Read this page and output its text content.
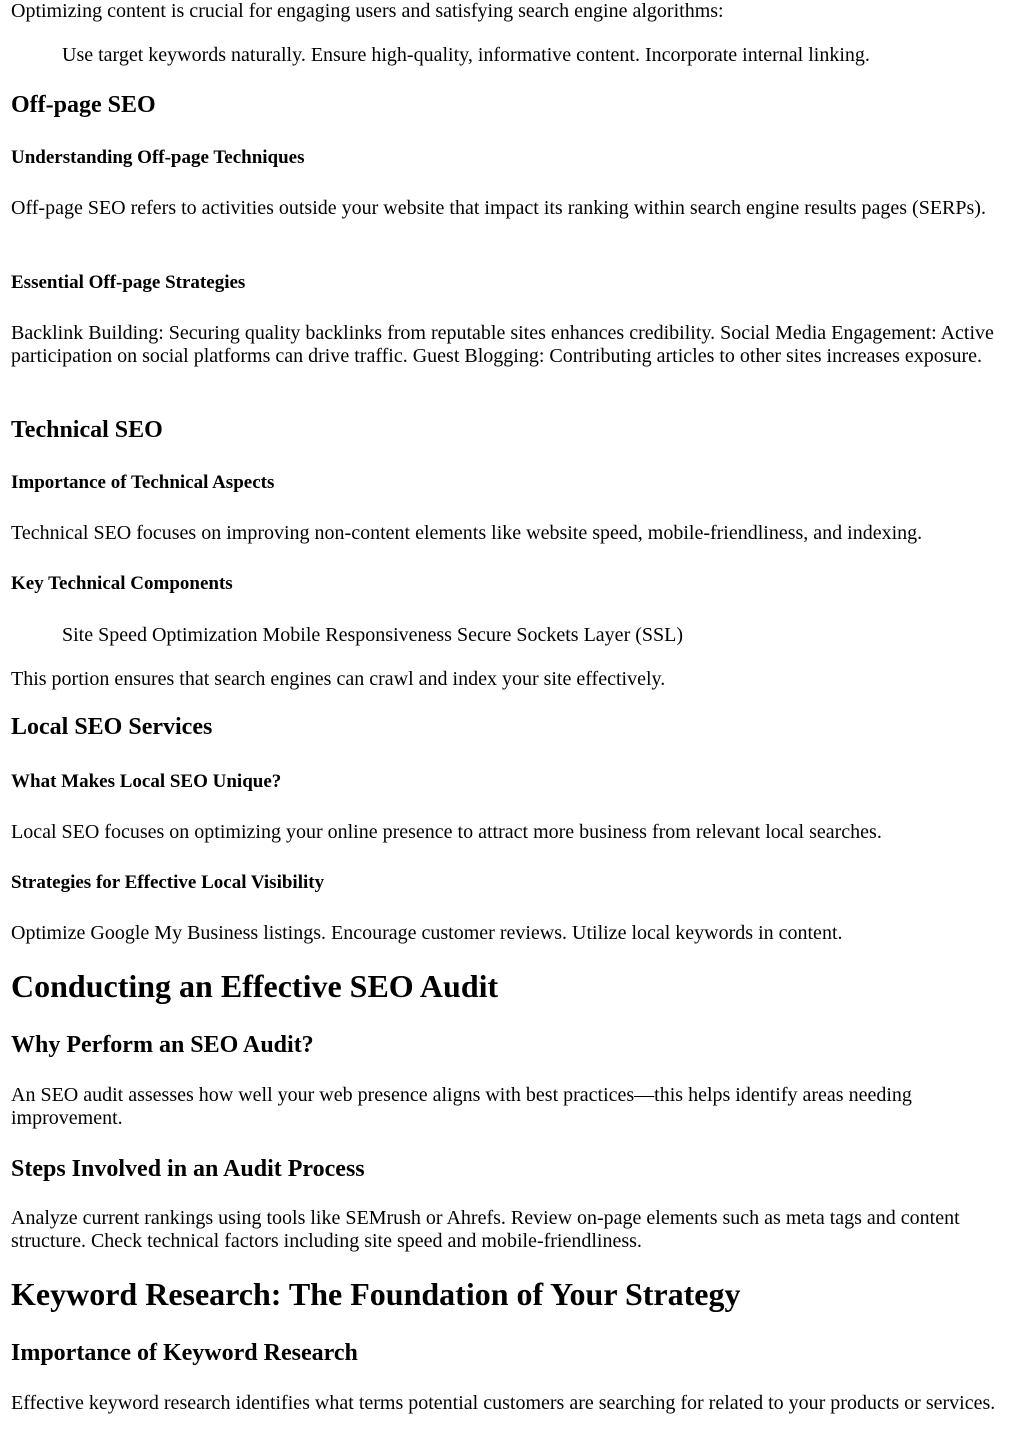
Optimizing content is crucial for engaging users and satisfying search engine algorithms:

Use target keywords naturally. Ensure high-quality, informative content. Incorporate internal linking.

Off-page SEO
Understanding Off-page Techniques

Off-page SEO refers to activities outside your website that impact its ranking within search engine results pages (SERPs).

Essential Off-page Strategies

Backlink Building: Securing quality backlinks from reputable sites enhances credibility. Social Media Engagement: Active participation on social platforms can drive traffic. Guest Blogging: Contributing articles to other sites increases exposure.

Technical SEO
Importance of Technical Aspects

Technical SEO focuses on improving non-content elements like website speed, mobile-friendliness, and indexing.

Key Technical Components

Site Speed Optimization Mobile Responsiveness Secure Sockets Layer (SSL)

This portion ensures that search engines can crawl and index your site effectively.

Local SEO Services
What Makes Local SEO Unique?

Local SEO focuses on optimizing your online presence to attract more business from relevant local searches.

Strategies for Effective Local Visibility

Optimize Google My Business listings. Encourage customer reviews. Utilize local keywords in content.

Conducting an Effective SEO Audit
Why Perform an SEO Audit?

An SEO audit assesses how well your web presence aligns with best practices—this helps identify areas needing improvement.

Steps Involved in an Audit Process

Analyze current rankings using tools like SEMrush or Ahrefs. Review on-page elements such as meta tags and content structure. Check technical factors including site speed and mobile-friendliness.

Keyword Research: The Foundation of Your Strategy
Importance of Keyword Research

Effective keyword research identifies what terms potential customers are searching for related to your products or services.
